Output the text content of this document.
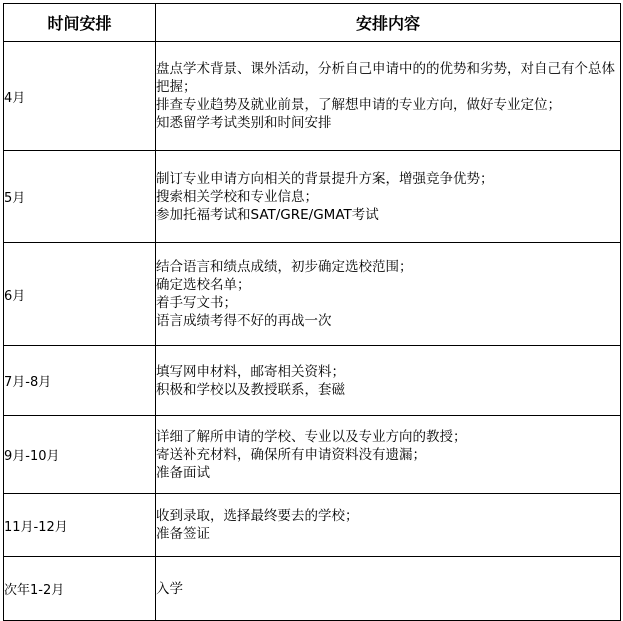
时间安排	安排内容
4月	盘点学术背景、课外活动，分析自己申请中的的优势和劣势，对自己有个总体把握；
排查专业趋势及就业前景，了解想申请的专业方向，做好专业定位；
知悉留学考试类别和时间安排

5月	制订专业申请方向相关的背景提升方案，增强竞争优势；
搜索相关学校和专业信息；
参加托福考试和SAT/GRE/GMAT考试

6月	结合语言和绩点成绩，初步确定选校范围；
确定选校名单；
着手写文书；
语言成绩考得不好的再战一次

7月-8月	填写网申材料，邮寄相关资料；
积极和学校以及教授联系，套磁

9月-10月	详细了解所申请的学校、专业以及专业方向的教授；
寄送补充材料，确保所有申请资料没有遗漏；
准备面试

11月-12月	收到录取，选择最终要去的学校；
准备签证

次年1-2月	入学
